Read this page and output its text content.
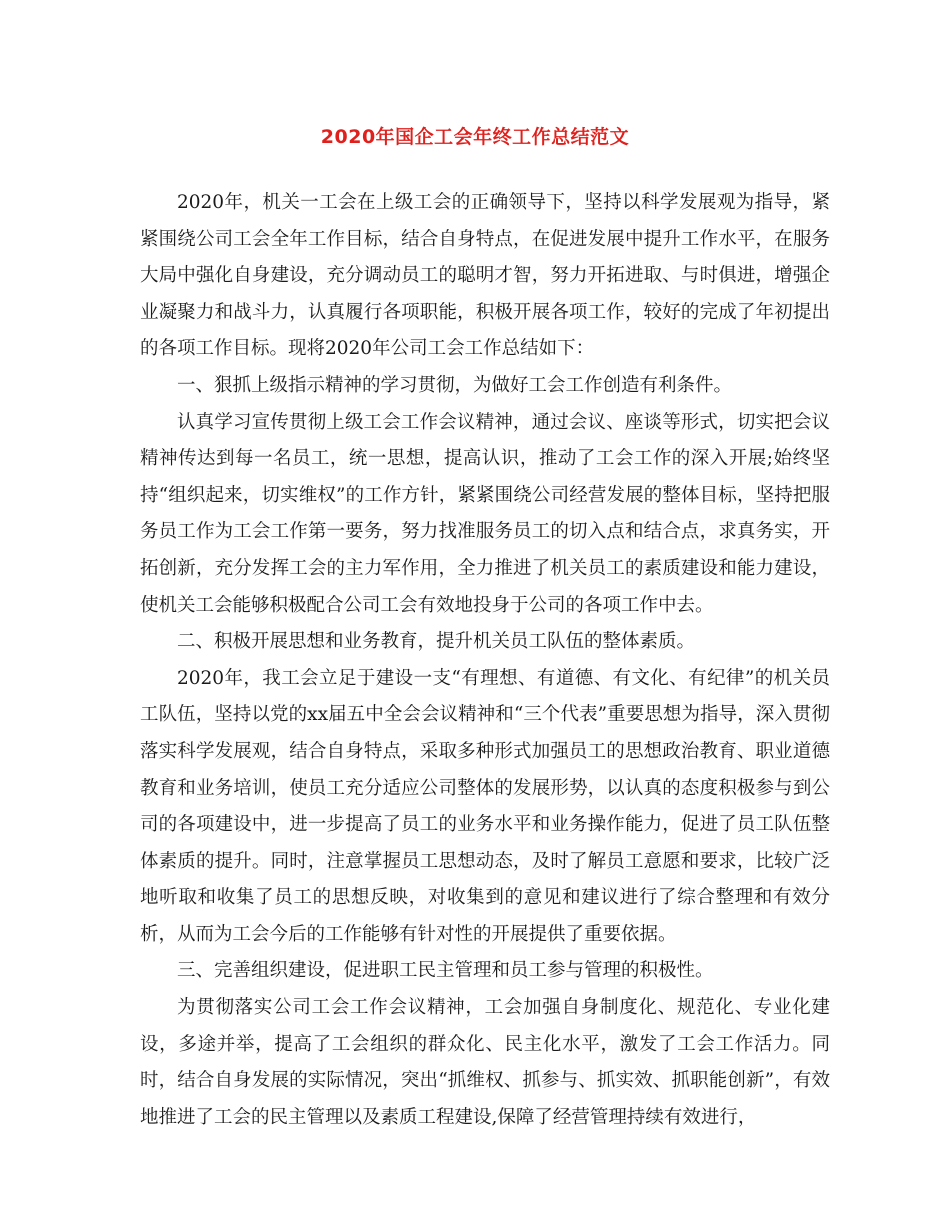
2020年国企工会年终工作总结范文

2020年，机关一工会在上级工会的正确领导下，坚持以科学发展观为指导，紧紧围绕公司工会全年工作目标，结合自身特点，在促进发展中提升工作水平，在服务大局中强化自身建设，充分调动员工的聪明才智，努力开拓进取、与时俱进，增强企业凝聚力和战斗力，认真履行各项职能，积极开展各项工作，较好的完成了年初提出的各项工作目标。现将2020年公司工会工作总结如下：

一、狠抓上级指示精神的学习贯彻，为做好工会工作创造有利条件。

认真学习宣传贯彻上级工会工作会议精神，通过会议、座谈等形式，切实把会议精神传达到每一名员工，统一思想，提高认识，推动了工会工作的深入开展;始终坚持“组织起来，切实维权”的工作方针，紧紧围绕公司经营发展的整体目标，坚持把服务员工作为工会工作第一要务，努力找准服务员工的切入点和结合点，求真务实，开拓创新，充分发挥工会的主力军作用，全力推进了机关员工的素质建设和能力建设，使机关工会能够积极配合公司工会有效地投身于公司的各项工作中去。

二、积极开展思想和业务教育，提升机关员工队伍的整体素质。

2020年，我工会立足于建设一支“有理想、有道德、有文化、有纪律”的机关员工队伍，坚持以党的xx届五中全会会议精神和“三个代表”重要思想为指导，深入贯彻落实科学发展观，结合自身特点，采取多种形式加强员工的思想政治教育、职业道德教育和业务培训，使员工充分适应公司整体的发展形势，以认真的态度积极参与到公司的各项建设中，进一步提高了员工的业务水平和业务操作能力，促进了员工队伍整体素质的提升。同时，注意掌握员工思想动态，及时了解员工意愿和要求，比较广泛地听取和收集了员工的思想反映，对收集到的意见和建议进行了综合整理和有效分析，从而为工会今后的工作能够有针对性的开展提供了重要依据。

三、完善组织建设，促进职工民主管理和员工参与管理的积极性。

为贯彻落实公司工会工作会议精神，工会加强自身制度化、规范化、专业化建设，多途并举，提高了工会组织的群众化、民主化水平，激发了工会工作活力。同时，结合自身发展的实际情况，突出“抓维权、抓参与、抓实效、抓职能创新”，有效地推进了工会的民主管理以及素质工程建设,保障了经营管理持续有效进行，
